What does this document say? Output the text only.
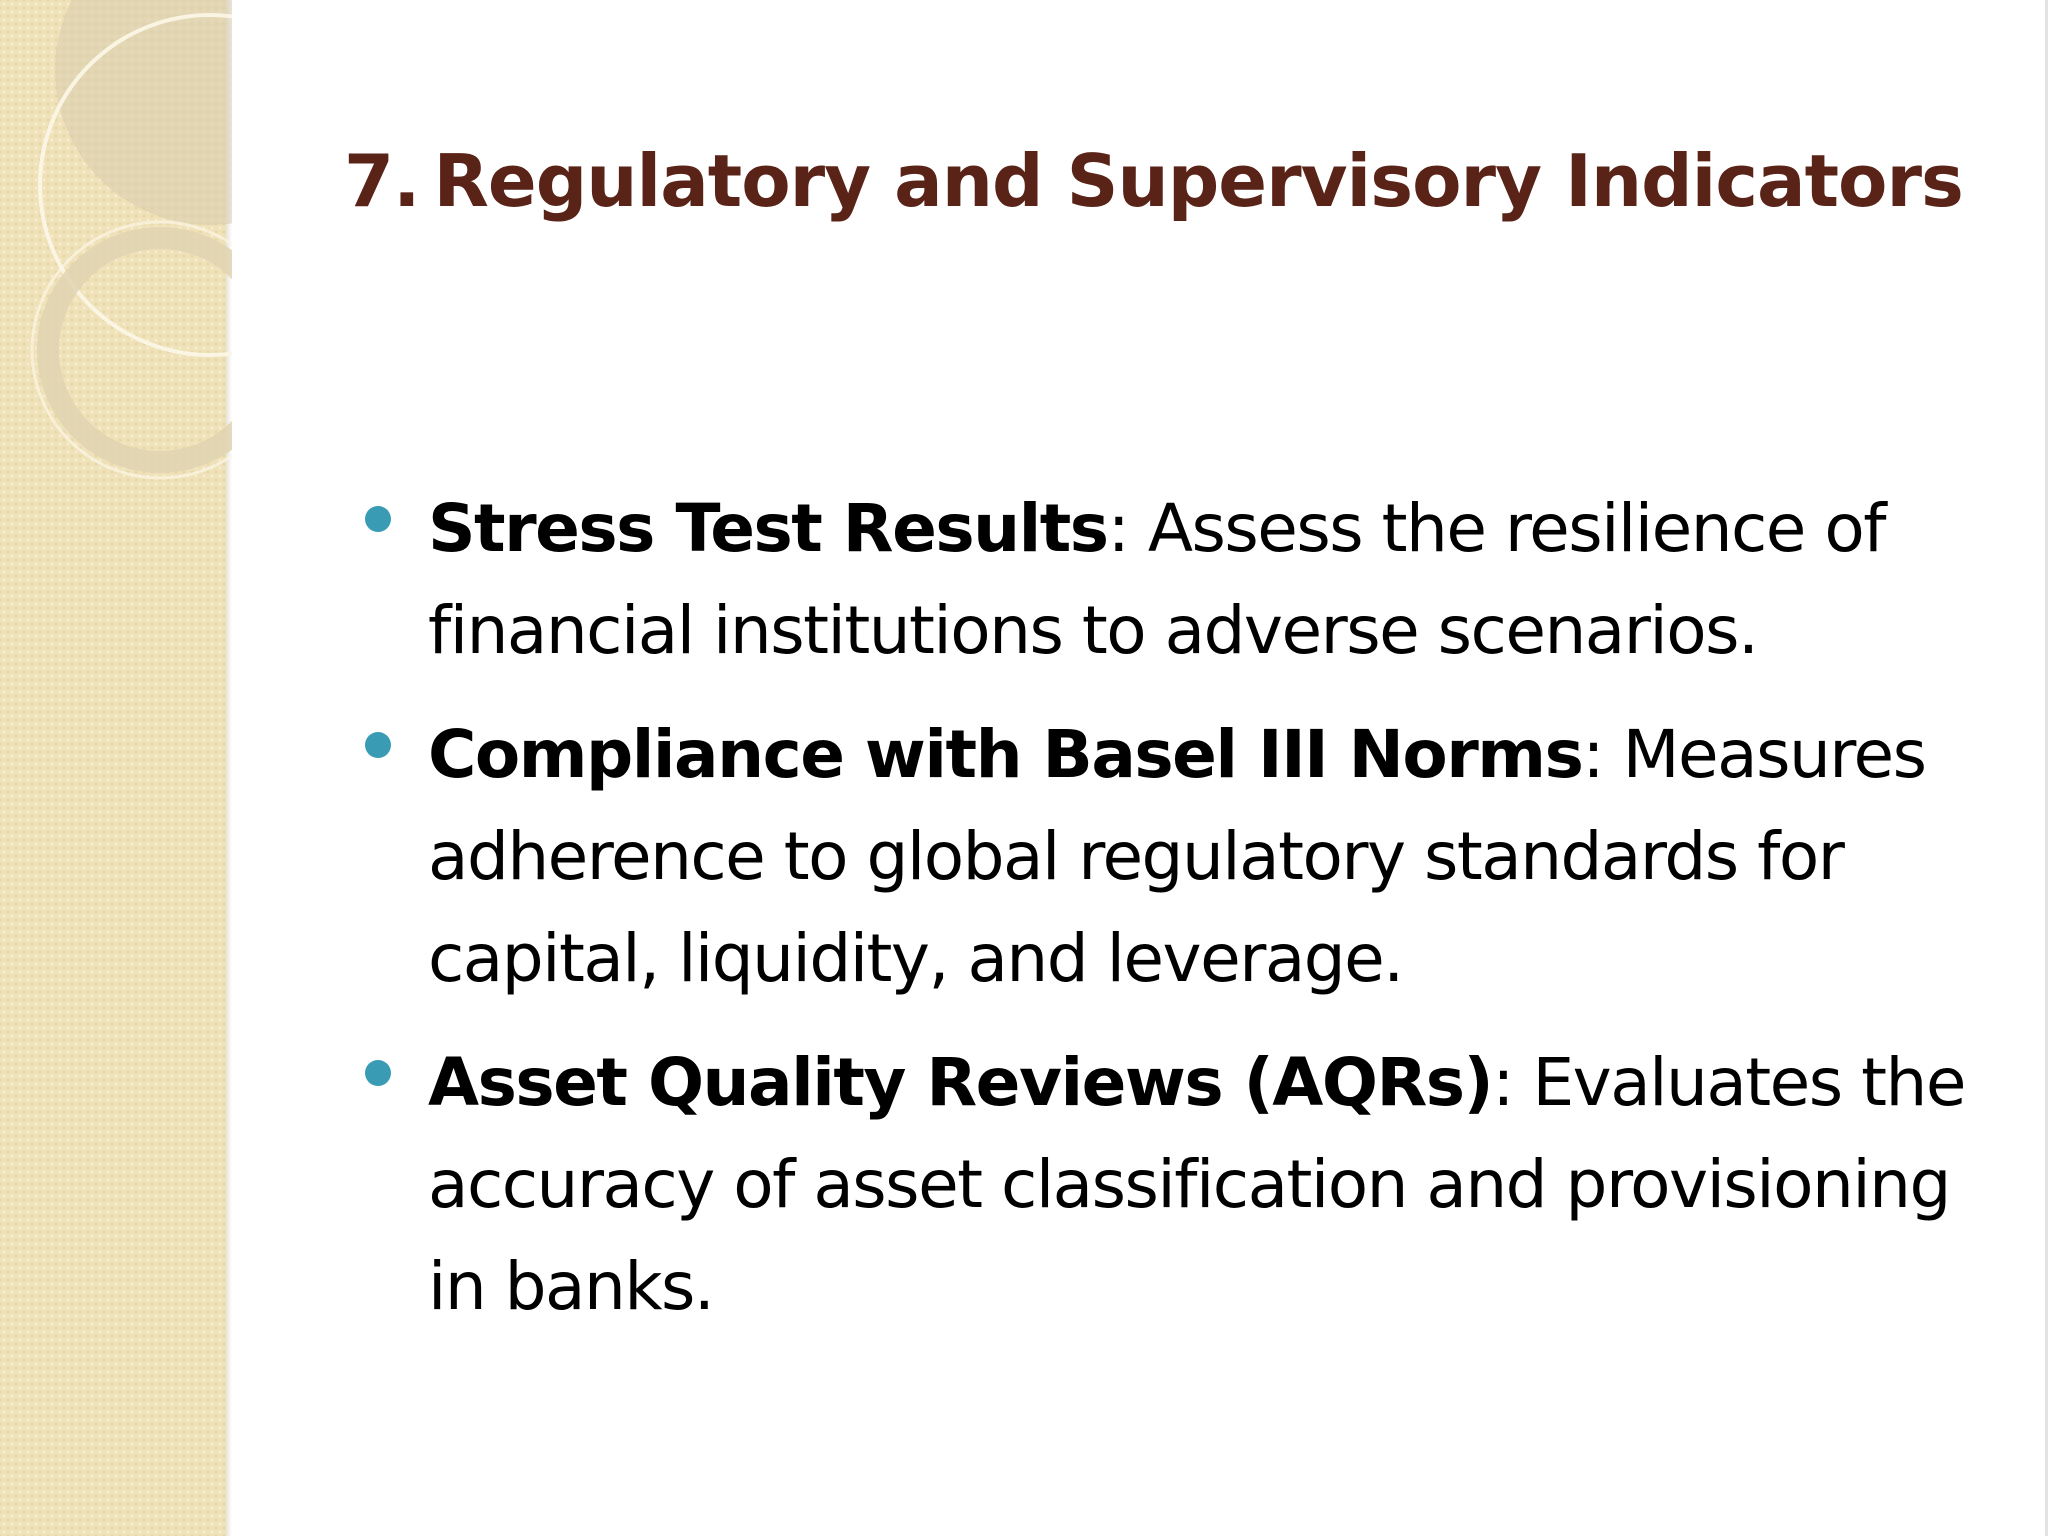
7. Regulatory and Supervisory Indicators
Stress Test Results: Assess the resilience of financial institutions to adverse scenarios.
Compliance with Basel III Norms: Measures adherence to global regulatory standards for capital, liquidity, and leverage.
Asset Quality Reviews (AQRs): Evaluates the accuracy of asset classification and provisioning in banks.
